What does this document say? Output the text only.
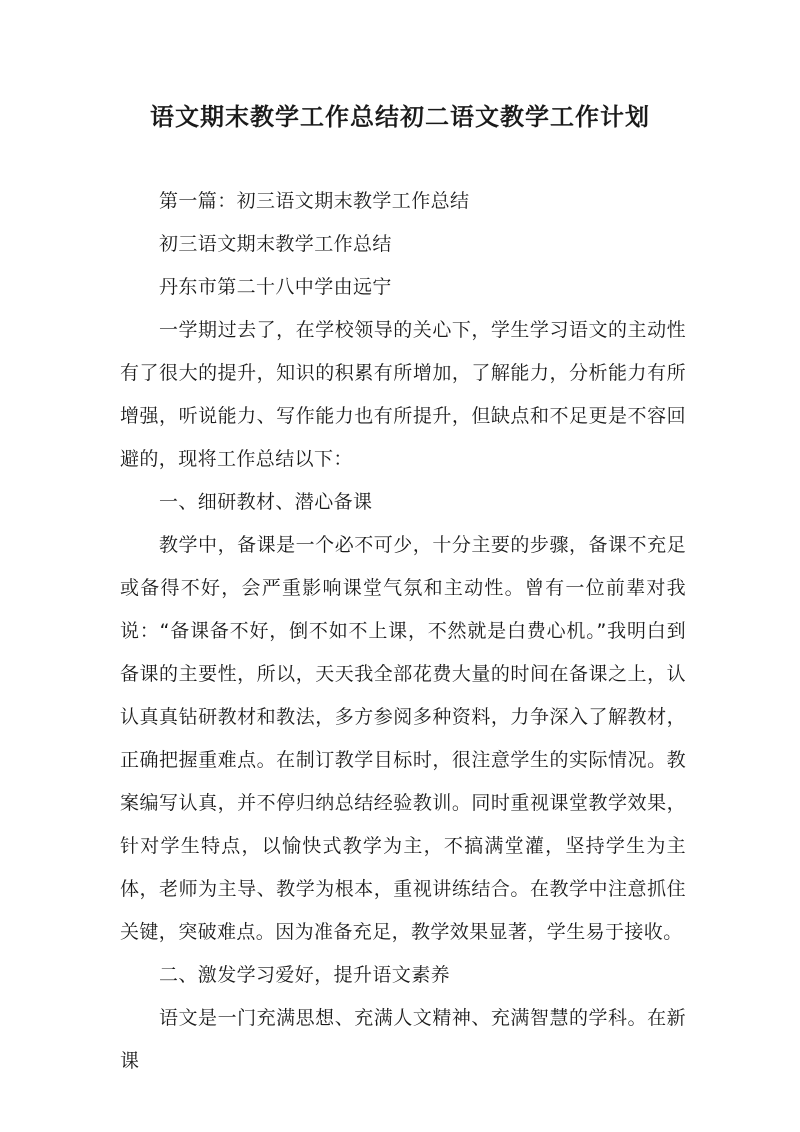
语文期末教学工作总结初二语文教学工作计划

第一篇：初三语文期末教学工作总结

初三语文期末教学工作总结

丹东市第二十八中学由远宁

一学期过去了，在学校领导的关心下，学生学习语文的主动性有了很大的提升，知识的积累有所增加，了解能力，分析能力有所增强，听说能力、写作能力也有所提升，但缺点和不足更是不容回避的，现将工作总结以下：

一、细研教材、潜心备课

教学中，备课是一个必不可少，十分主要的步骤，备课不充足或备得不好，会严重影响课堂气氛和主动性。曾有一位前辈对我说：“备课备不好，倒不如不上课，不然就是白费心机。”我明白到备课的主要性，所以，天天我全部花费大量的时间在备课之上，认认真真钻研教材和教法，多方参阅多种资料，力争深入了解教材，正确把握重难点。在制订教学目标时，很注意学生的实际情况。教案编写认真，并不停归纳总结经验教训。同时重视课堂教学效果，针对学生特点，以愉快式教学为主，不搞满堂灌，坚持学生为主体，老师为主导、教学为根本，重视讲练结合。在教学中注意抓住关键，突破难点。因为准备充足，教学效果显著，学生易于接收。

二、激发学习爱好，提升语文素养

语文是一门充满思想、充满人文精神、充满智慧的学科。在新课
